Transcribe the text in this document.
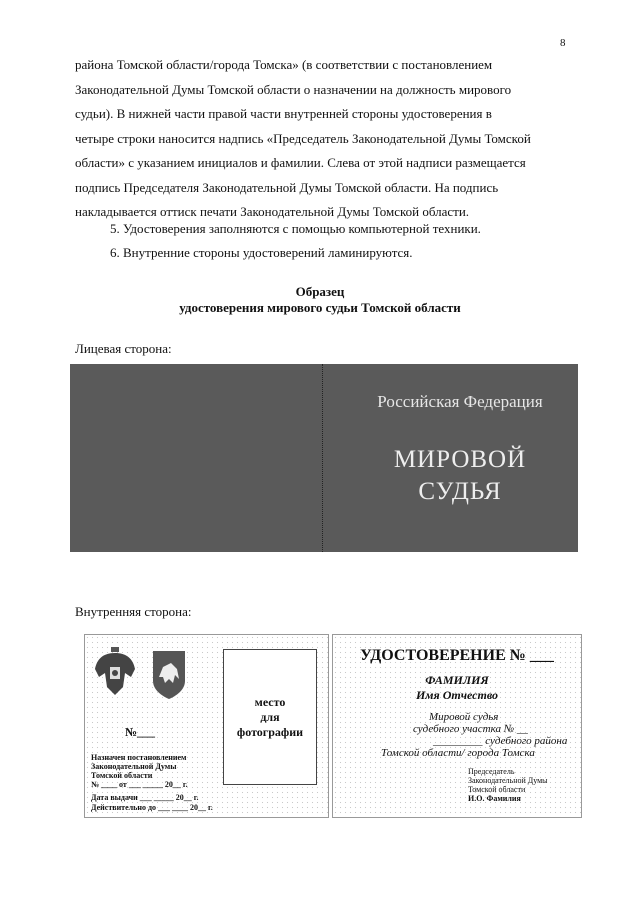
8
района Томской области/города Томска» (в соответствии с постановлением
Законодательной Думы Томской области о назначении на должность мирового
судьи). В нижней части правой части внутренней стороны удостоверения в
четыре строки наносится надпись «Председатель Законодательной Думы Томской
области» с указанием инициалов и фамилии. Слева от этой надписи размещается
подпись Председателя Законодательной Думы Томской области. На подпись
накладывается оттиск печати Законодательной Думы Томской области.
5. Удостоверения заполняются с помощью компьютерной техники.
6. Внутренние стороны удостоверений ламинируются.
Образец
удостоверения мирового судьи Томской области
Лицевая сторона:
Российская Федерация
МИРОВОЙ
СУДЬЯ
Внутренняя сторона:
место
для
фотографии
№___
Назначен постановлением
Законодательной Думы
Томской области
№ ____ от ___ _____ 20__ г.
Дата выдачи ___ _____ 20__ г.
Действительно до ___ ____ 20__ г.
УДОСТОВЕРЕНИЕ № ___
ФАМИЛИЯ
Имя Отчество
Мировой судья
судебного участка № __
_________ судебного района
Томской области/ города Томска
Председатель
Законодательной Думы
Томской области
И.О. Фамилия
